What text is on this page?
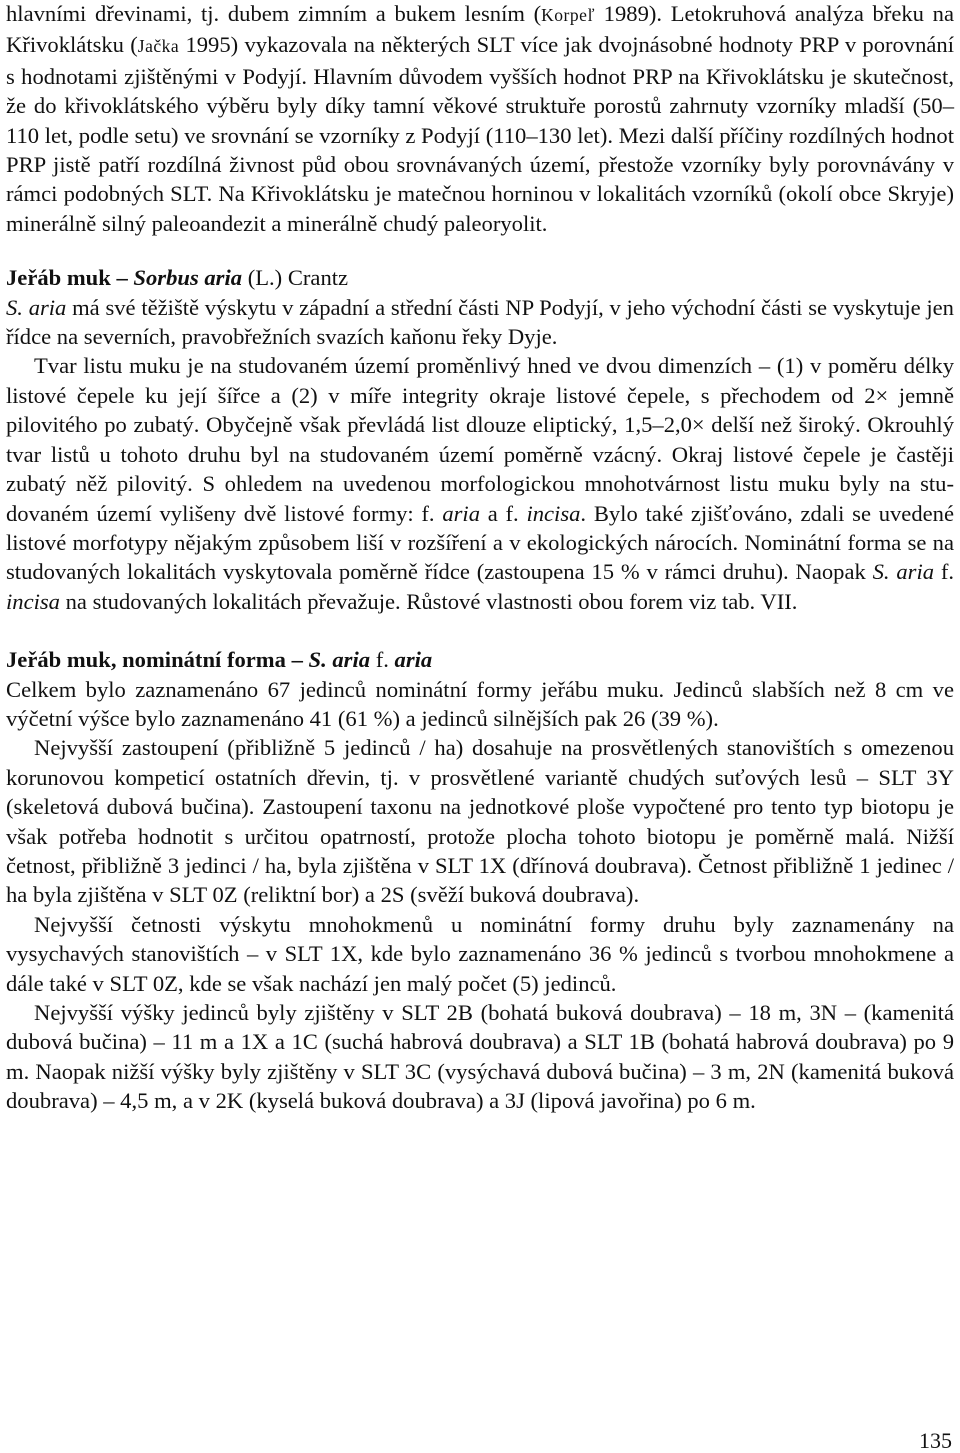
hlavními dřevinami, tj. dubem zimním a bukem lesním (Korpeľ 1989). Letokruhová analýza břeku na Křivoklátsku (Jačka 1995) vykazovala na některých SLT více jak dvojnásobné hodnoty PRP v porovnání s hodnotami zjištěnými v Podyjí. Hlavním důvodem vyšších hodnot PRP na Křivoklátsku je skutečnost, že do křivoklátského výběru byly díky tamní věkové struktuře porostů zahrnuty vzorníky mladší (50–110 let, podle setu) ve srovnání se vzorníky z Podyjí (110–130 let). Mezi další příčiny rozdílných hodnot PRP jistě patří rozdílná živnost půd obou srovnávaných území, přestože vzorníky byly porovnávány v rámci podobných SLT. Na Křivoklátsku je matečnou horninou v lokalitách vzorníků (okolí obce Skryje) minerálně silný paleoandezit a minerálně chudý paleoryolit.

Jeřáb muk – Sorbus aria (L.) Crantz

S. aria má své těžiště výskytu v západní a střední části NP Podyjí, v jeho východní části se vyskytuje jen řídce na severních, pravobřežních svazích kaňonu řeky Dyje.

Tvar listu muku je na studovaném území proměnlivý hned ve dvou dimenzích – (1) v poměru délky listové čepele ku její šířce a (2) v míře integrity okraje listové čepele, s přechodem od 2× jemně pilovitého po zubatý. Obyčejně však převládá list dlouze eliptický, 1,5–2,0× delší než široký. Okrouhlý tvar listů u tohoto druhu byl na studovaném území poměrně vzácný. Okraj listové čepele je častěji zubatý něž pilovitý. S ohledem na uvedenou morfologickou mnohotvárnost listu muku byly na studovaném území vylišeny dvě listové formy: f. aria a f. incisa. Bylo také zjišťováno, zdali se uvedené listové morfotypy nějakým způsobem liší v rozšíření a v ekologických nárocích. Nominátní forma se na studovaných lokalitách vyskytovala poměrně řídce (zastoupena 15 % v rámci druhu). Naopak S. aria f. incisa na studovaných lokalitách převažuje. Růstové vlastnosti obou forem viz tab. VII.

Jeřáb muk, nominátní forma – S. aria f. aria

Celkem bylo zaznamenáno 67 jedinců nominátní formy jeřábu muku. Jedinců slabších než 8 cm ve výčetní výšce bylo zaznamenáno 41 (61 %) a jedinců silnějších pak 26 (39 %).

Nejvyšší zastoupení (přibližně 5 jedinců / ha) dosahuje na prosvětlených stanovištích s omezenou korunovou kompeticí ostatních dřevin, tj. v prosvětlené variantě chudých suťových lesů – SLT 3Y (skeletová dubová bučina). Zastoupení taxonu na jednotkové ploše vypočtené pro tento typ biotopu je však potřeba hodnotit s určitou opatrností, protože plocha tohoto biotopu je poměrně malá. Nižší četnost, přibližně 3 jedinci / ha, byla zjištěna v SLT 1X (dřínová doubrava). Četnost přibližně 1 jedinec / ha byla zjištěna v SLT 0Z (reliktní bor) a 2S (svěží buková doubrava).

Nejvyšší četnosti výskytu mnohokmenů u nominátní formy druhu byly zaznamenány na vysychavých stanovištích – v SLT 1X, kde bylo zaznamenáno 36 % jedinců s tvorbou mnohokmene a dále také v SLT 0Z, kde se však nachází jen malý počet (5) jedinců.

Nejvyšší výšky jedinců byly zjištěny v SLT 2B (bohatá buková doubrava) – 18 m, 3N – (kamenitá dubová bučina) – 11 m a 1X a 1C (suchá habrová doubrava) a SLT 1B (bohatá habrová doubrava) po 9 m. Naopak nižší výšky byly zjištěny v SLT 3C (vysýchavá dubová bučina) – 3 m, 2N (kamenitá buková doubrava) – 4,5 m, a v 2K (kyselá buková doubrava) a 3J (lipová javořina) po 6 m.

135
